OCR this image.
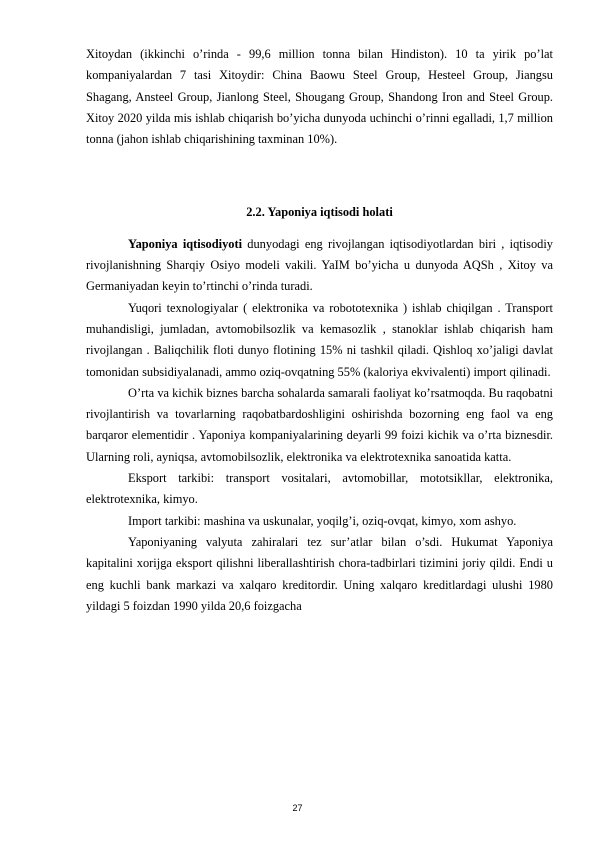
Xitoydan (ikkinchi o’rinda - 99,6 million tonna bilan Hindiston). 10 ta yirik po’lat kompaniyalardan 7 tasi Xitoydir: China Baowu Steel Group, Hesteel Group, Jiangsu Shagang, Ansteel Group, Jianlong Steel, Shougang Group, Shandong Iron and Steel Group. Xitoy 2020 yilda mis ishlab chiqarish bo’yicha dunyoda uchinchi o’rinni egalladi, 1,7 million tonna (jahon ishlab chiqarishining taxminan 10%).

2.2. Yaponiya iqtisodi holati

Yaponiya iqtisodiyoti dunyodagi eng rivojlangan iqtisodiyotlardan biri , iqtisodiy rivojlanishning Sharqiy Osiyo modeli vakili. YaIM bo’yicha u dunyoda AQSh , Xitoy va Germaniyadan keyin to’rtinchi o’rinda turadi.

Yuqori texnologiyalar ( elektronika va robototexnika ) ishlab chiqilgan . Transport muhandisligi, jumladan, avtomobilsozlik va kemasozlik , stanoklar ishlab chiqarish ham rivojlangan . Baliqchilik floti dunyo flotining 15% ni tashkil qiladi. Qishloq xo’jaligi davlat tomonidan subsidiyalanadi, ammo oziq-ovqatning 55% (kaloriya ekvivalenti) import qilinadi.

O’rta va kichik biznes barcha sohalarda samarali faoliyat ko’rsatmoqda. Bu raqobatni rivojlantirish va tovarlarning raqobatbardoshligini oshirishda bozorning eng faol va eng barqaror elementidir . Yaponiya kompaniyalarining deyarli 99 foizi kichik va o’rta biznesdir. Ularning roli, ayniqsa, avtomobilsozlik, elektronika va elektrotexnika sanoatida katta.

Eksport tarkibi: transport vositalari, avtomobillar, mototsikllar, elektronika, elektrotexnika, kimyo.

Import tarkibi: mashina va uskunalar, yoqilg’i, oziq-ovqat, kimyo, xom ashyo.

Yaponiyaning valyuta zahiralari tez sur’atlar bilan o’sdi. Hukumat Yaponiya kapitalini xorijga eksport qilishni liberallashtirish chora-tadbirlari tizimini joriy qildi. Endi u eng kuchli bank markazi va xalqaro kreditordir. Uning xalqaro kreditlardagi ulushi 1980 yildagi 5 foizdan 1990 yilda 20,6 foizgacha

27
